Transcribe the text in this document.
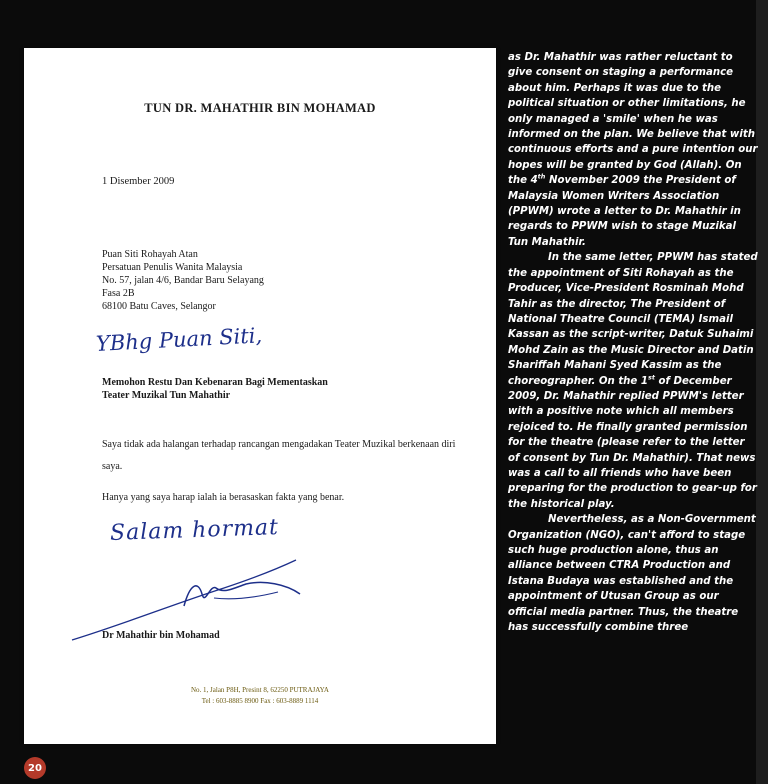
TUN DR. MAHATHIR BIN MOHAMAD

1 Disember 2009

Puan Siti Rohayah Atan
Persatuan Penulis Wanita Malaysia
No. 57, jalan 4/6, Bandar Baru Selayang
Fasa 2B
68100 Batu Caves, Selangor

YBhg Puan Siti,

Memohon Restu Dan Kebenaran Bagi Mementaskan
Teater Muzikal Tun Mahathir

Saya tidak ada halangan terhadap rancangan mengadakan Teater Muzikal berkenaan diri saya.

Hanya yang saya harap ialah ia berasaskan fakta yang benar.

Salam hormat

Dr Mahathir bin Mohamad

No. 1, Jalan P8H, Presint 8, 62250 PUTRAJAYA
Tel : 603-8885 8900 Fax : 603-8889 1114

as Dr. Mahathir was rather reluctant to give consent on staging a performance about him. Perhaps it was due to the political situation or other limitations, he only managed a 'smile' when he was informed on the plan. We believe that with continuous efforts and a pure intention our hopes will be granted by God (Allah). On the 4th November 2009 the President of Malaysia Women Writers Association (PPWM) wrote a letter to Dr. Mahathir in regards to PPWM wish to stage Muzikal Tun Mahathir.

In the same letter, PPWM has stated the appointment of Siti Rohayah as the Producer, Vice-President Rosminah Mohd Tahir as the director, The President of National Theatre Council (TEMA) Ismail Kassan as the script-writer, Datuk Suhaimi Mohd Zain as the Music Director and Datin Shariffah Mahani Syed Kassim as the choreographer. On the 1st of December 2009, Dr. Mahathir replied PPWM's letter with a positive note which all members rejoiced to. He finally granted permission for the theatre (please refer to the letter of consent by Tun Dr. Mahathir). That news was a call to all friends who have been preparing for the production to gear-up for the historical play.

Nevertheless, as a Non-Government Organization (NGO), can't afford to stage such huge production alone, thus an alliance between CTRA Production and Istana Budaya was established and the appointment of Utusan Group as our official media partner. Thus, the theatre has successfully combine three

20
